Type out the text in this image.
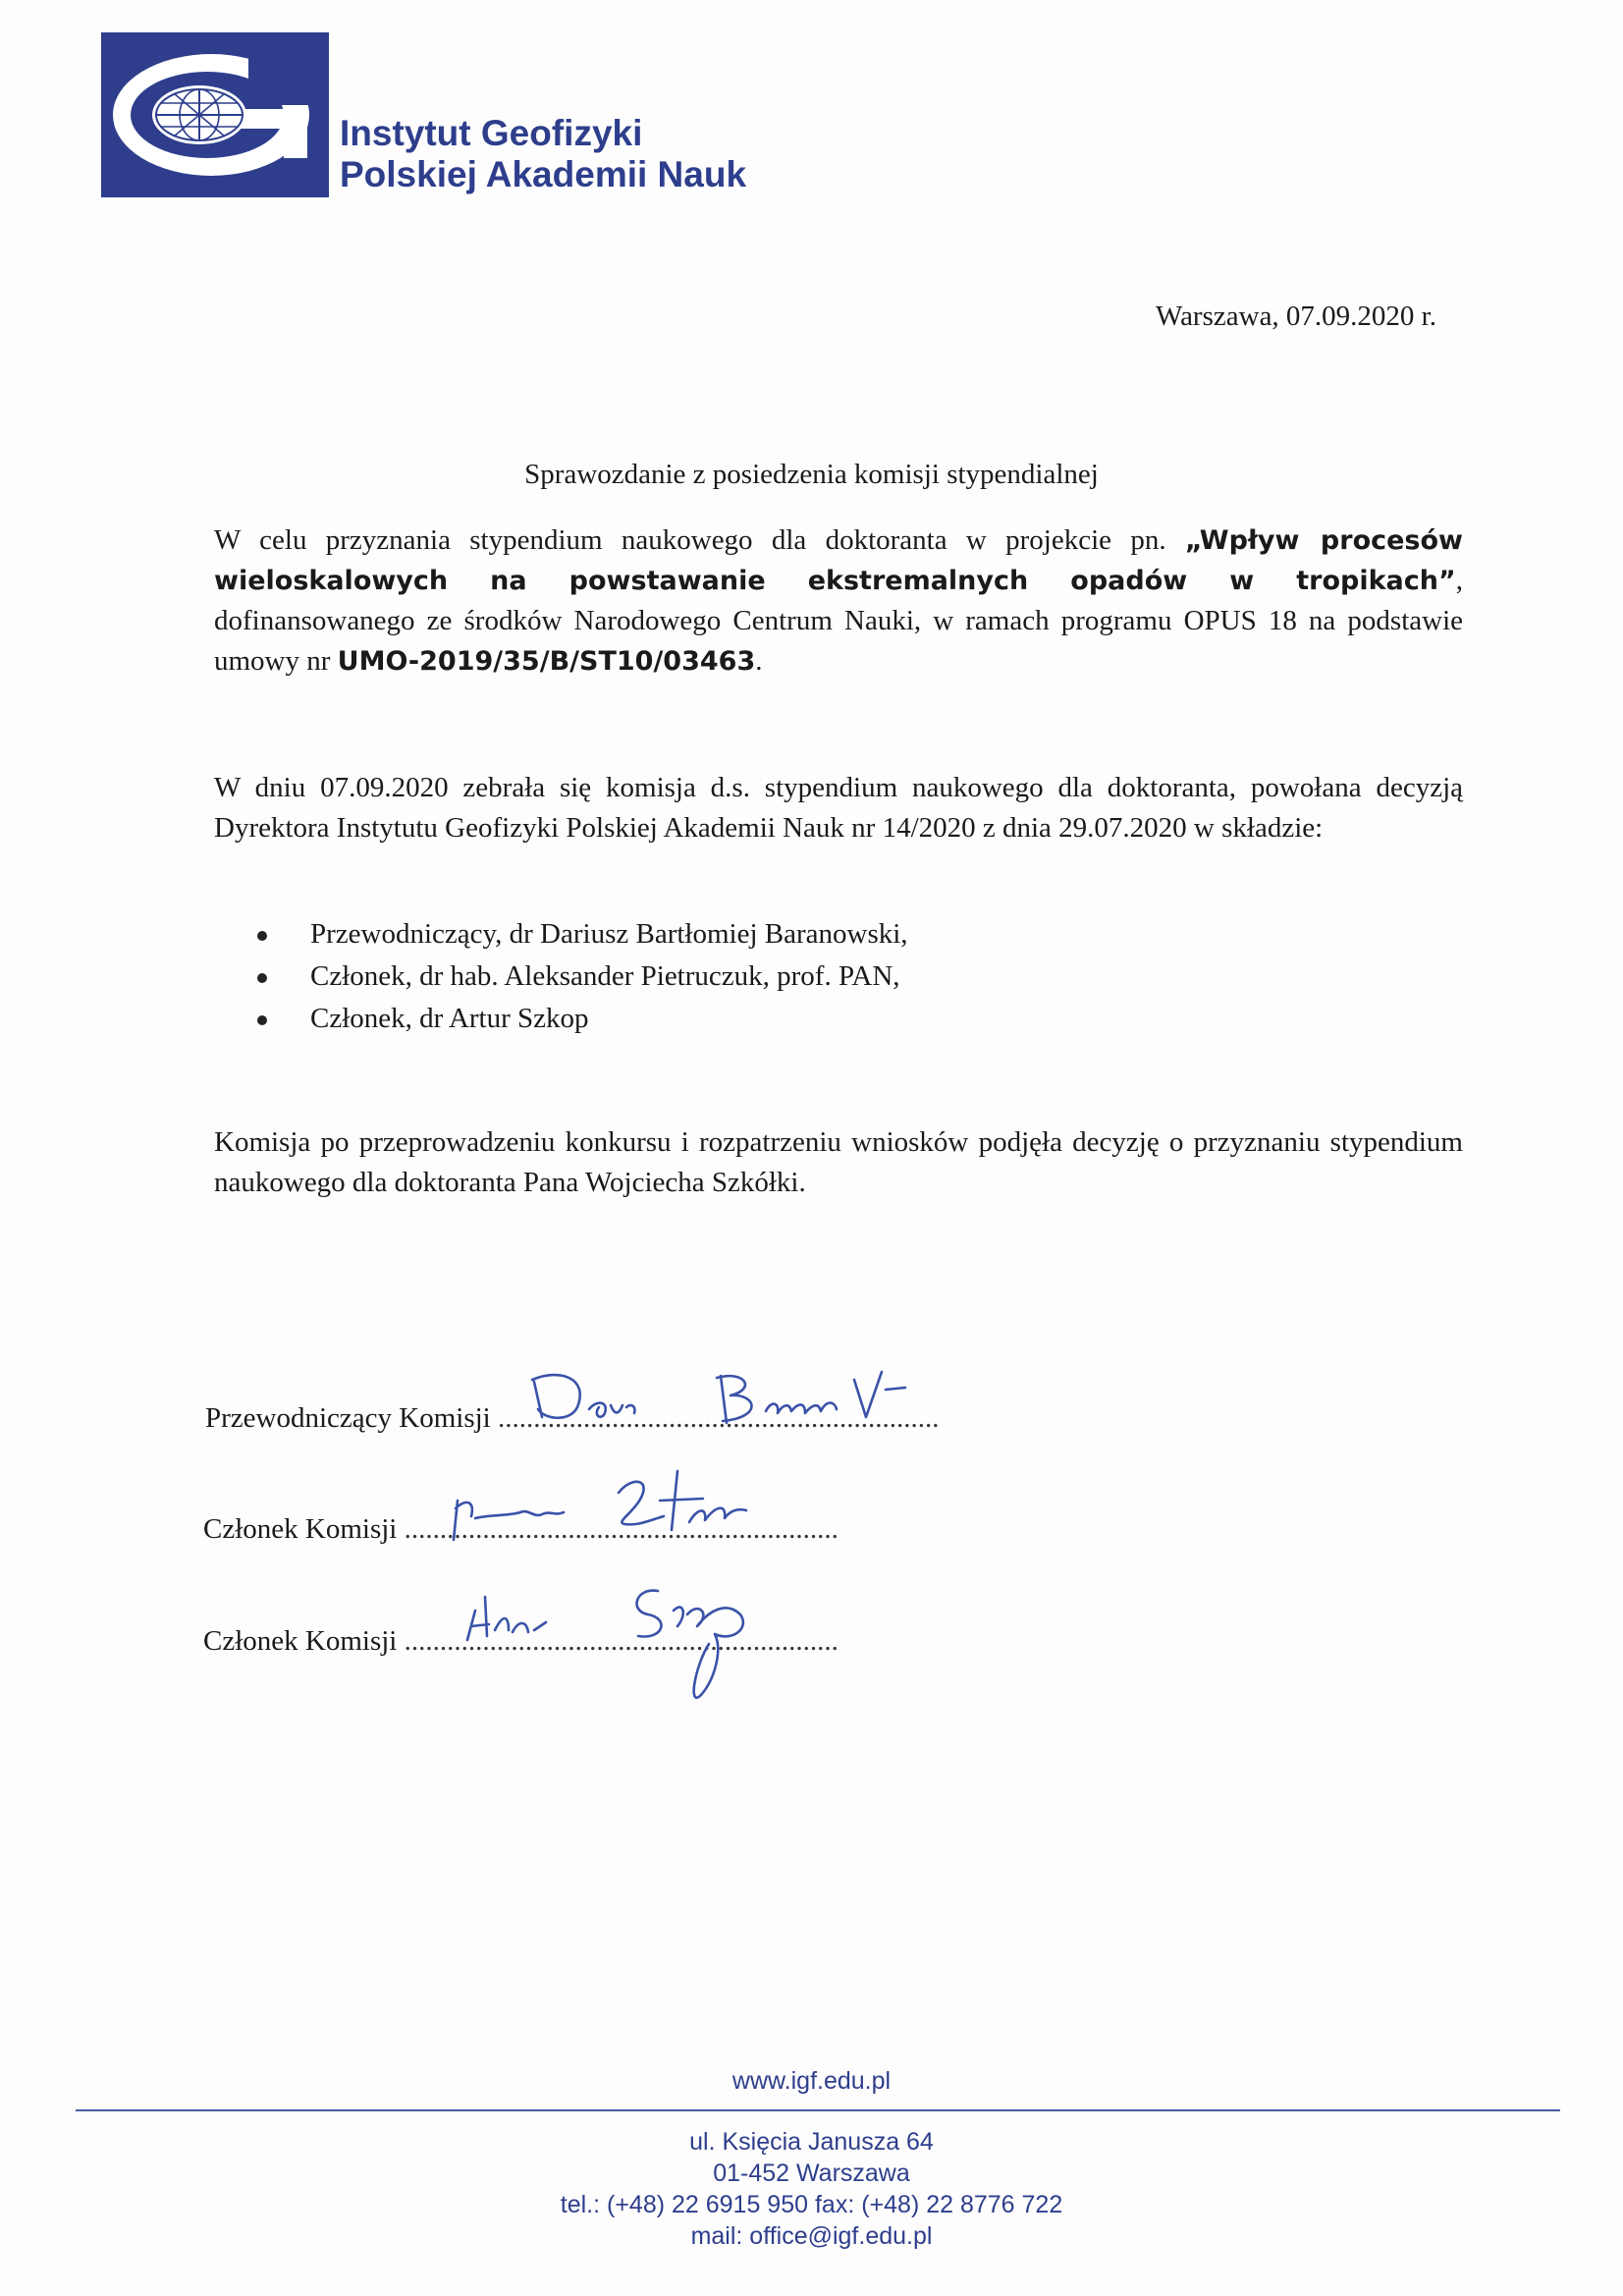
Instytut Geofizyki
Polskiej Akademii Nauk
Warszawa, 07.09.2020 r.
Sprawozdanie z posiedzenia komisji stypendialnej
W celu przyznania stypendium naukowego dla doktoranta w projekcie pn. „Wpływ procesów wieloskalowych na powstawanie ekstremalnych opadów w tropikach”, dofinansowanego ze środków Narodowego Centrum Nauki, w ramach programu OPUS 18 na podstawie umowy nr UMO-2019/35/B/ST10/03463.
W dniu 07.09.2020 zebrała się komisja d.s. stypendium naukowego dla doktoranta, powołana decyzją Dyrektora Instytutu Geofizyki Polskiej Akademii Nauk nr 14/2020 z dnia 29.07.2020 w składzie:
Przewodniczący, dr Dariusz Bartłomiej Baranowski,
Członek, dr hab. Aleksander Pietruczuk, prof. PAN,
Członek, dr Artur Szkop
Komisja po przeprowadzeniu konkursu i rozpatrzeniu wniosków podjęła decyzję o przyznaniu stypendium naukowego dla doktoranta Pana Wojciecha Szkółki.
Przewodniczący Komisji ..............................................................
Członek Komisji .............................................................
Członek Komisji .............................................................
www.igf.edu.pl
ul. Księcia Janusza 64
01-452 Warszawa
tel.: (+48) 22 6915 950 fax: (+48) 22 8776 722
mail: office@igf.edu.pl
